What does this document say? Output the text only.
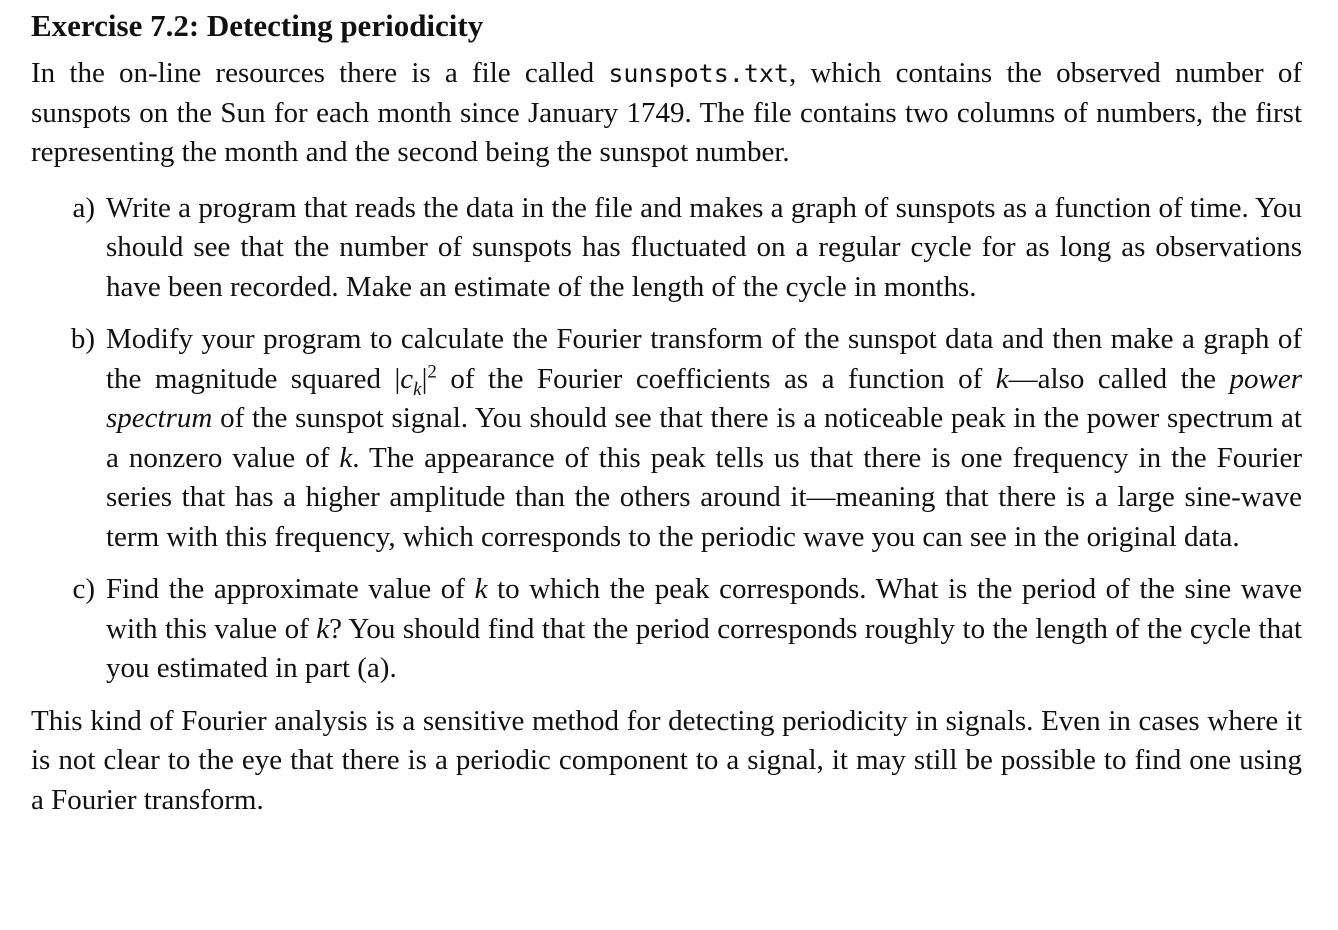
Exercise 7.2: Detecting periodicity

In the on-line resources there is a file called sunspots.txt, which contains the observed number of sunspots on the Sun for each month since January 1749. The file contains two columns of numbers, the first representing the month and the second being the sunspot number.

a) Write a program that reads the data in the file and makes a graph of sunspots as a function of time. You should see that the number of sunspots has fluctuated on a regular cycle for as long as observations have been recorded. Make an estimate of the length of the cycle in months.
b) Modify your program to calculate the Fourier transform of the sunspot data and then make a graph of the magnitude squared $|c_k|^2$ of the Fourier coefficients as a function of k—also called the power spectrum of the sunspot signal. You should see that there is a noticeable peak in the power spectrum at a nonzero value of k. The appearance of this peak tells us that there is one frequency in the Fourier series that has a higher amplitude than the others around it—meaning that there is a large sine-wave term with this frequency, which corresponds to the periodic wave you can see in the original data.
c) Find the approximate value of k to which the peak corresponds. What is the period of the sine wave with this value of k? You should find that the period corresponds roughly to the length of the cycle that you estimated in part (a).

This kind of Fourier analysis is a sensitive method for detecting periodicity in signals. Even in cases where it is not clear to the eye that there is a periodic component to a signal, it may still be possible to find one using a Fourier transform.
